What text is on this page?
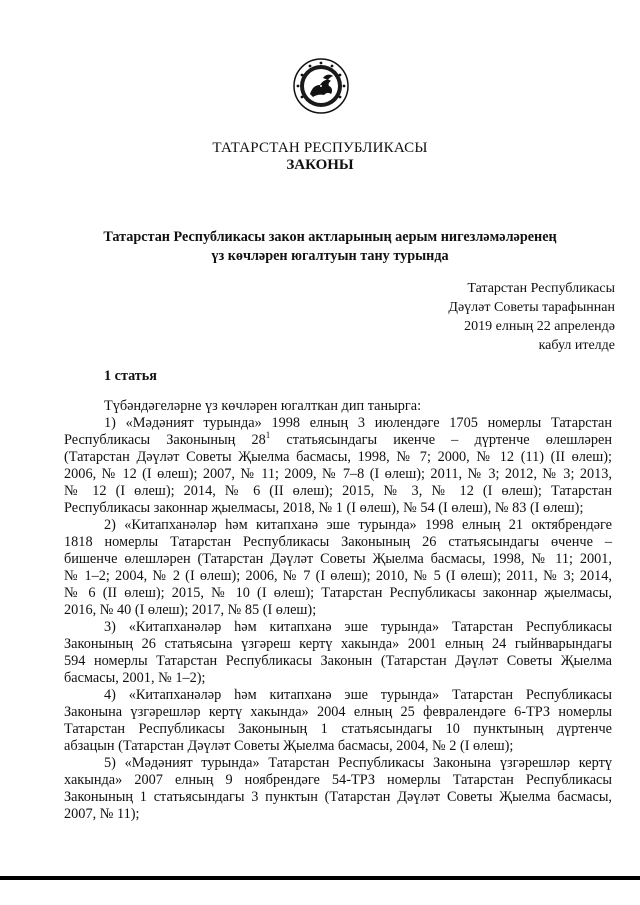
ТАТАРСТАН РЕСПУБЛИКАСЫ
ЗАКОНЫ
Татарстан Республикасы закон актларының аерым нигезләмәләренең
үз көчләрен югалтуын тану турында
Татарстан Республикасы
Дәүләт Советы тарафыннан
2019 елның 22 апрелендә
кабул ителде
1 статья
Түбәндәгеләрне үз көчләрен югалткан дип танырга:
1) «Мәдәният турында» 1998 елның 3 июлендәге 1705 номерлы Татарстан
Республикасы Законының $28^1$ статьясындагы икенче – дүртенче өлешләрен
(Татарстан Дәүләт Советы Җыелма басмасы, 1998, № 7; 2000, № 12 (11) (II өлеш);
2006, № 12 (I өлеш); 2007, № 11; 2009, № 7–8 (I өлеш); 2011, № 3; 2012, № 3; 2013,
№ 12 (I өлеш); 2014, № 6 (II өлеш); 2015, № 3, № 12 (I өлеш); Татарстан
Республикасы законнар җыелмасы, 2018, № 1 (I өлеш), № 54 (I өлеш), № 83 (I өлеш);
2) «Китапханәләр һәм китапханә эше турында» 1998 елның 21 октябрендәге
1818 номерлы Татарстан Республикасы Законының 26 статьясындагы өченче –
бишенче өлешләрен (Татарстан Дәүләт Советы Җыелма басмасы, 1998, № 11; 2001,
№ 1–2; 2004, № 2 (I өлеш); 2006, № 7 (I өлеш); 2010, № 5 (I өлеш); 2011, № 3; 2014,
№ 6 (II өлеш); 2015, № 10 (I өлеш); Татарстан Республикасы законнар җыелмасы,
2016, № 40 (I өлеш); 2017, № 85 (I өлеш);
3) «Китапханәләр һәм китапханә эше турында» Татарстан Республикасы
Законының 26 статьясына үзгәреш кертү хакында» 2001 елның 24 гыйнварындагы
594 номерлы Татарстан Республикасы Законын (Татарстан Дәүләт Советы Җыелма
басмасы, 2001, № 1–2);
4) «Китапханәләр һәм китапханә эше турында» Татарстан Республикасы
Законына үзгәрешләр кертү хакында» 2004 елның 25 февралендәге 6-ТРЗ номерлы
Татарстан Республикасы Законының 1 статьясындагы 10 пунктының дүртенче
абзацын (Татарстан Дәүләт Советы Җыелма басмасы, 2004, № 2 (I өлеш);
5) «Мәдәният турында» Татарстан Республикасы Законына үзгәрешләр кертү
хакында» 2007 елның 9 ноябрендәге 54-ТРЗ номерлы Татарстан Республикасы
Законының 1 статьясындагы 3 пунктын (Татарстан Дәүләт Советы Җыелма басмасы,
2007, № 11);
